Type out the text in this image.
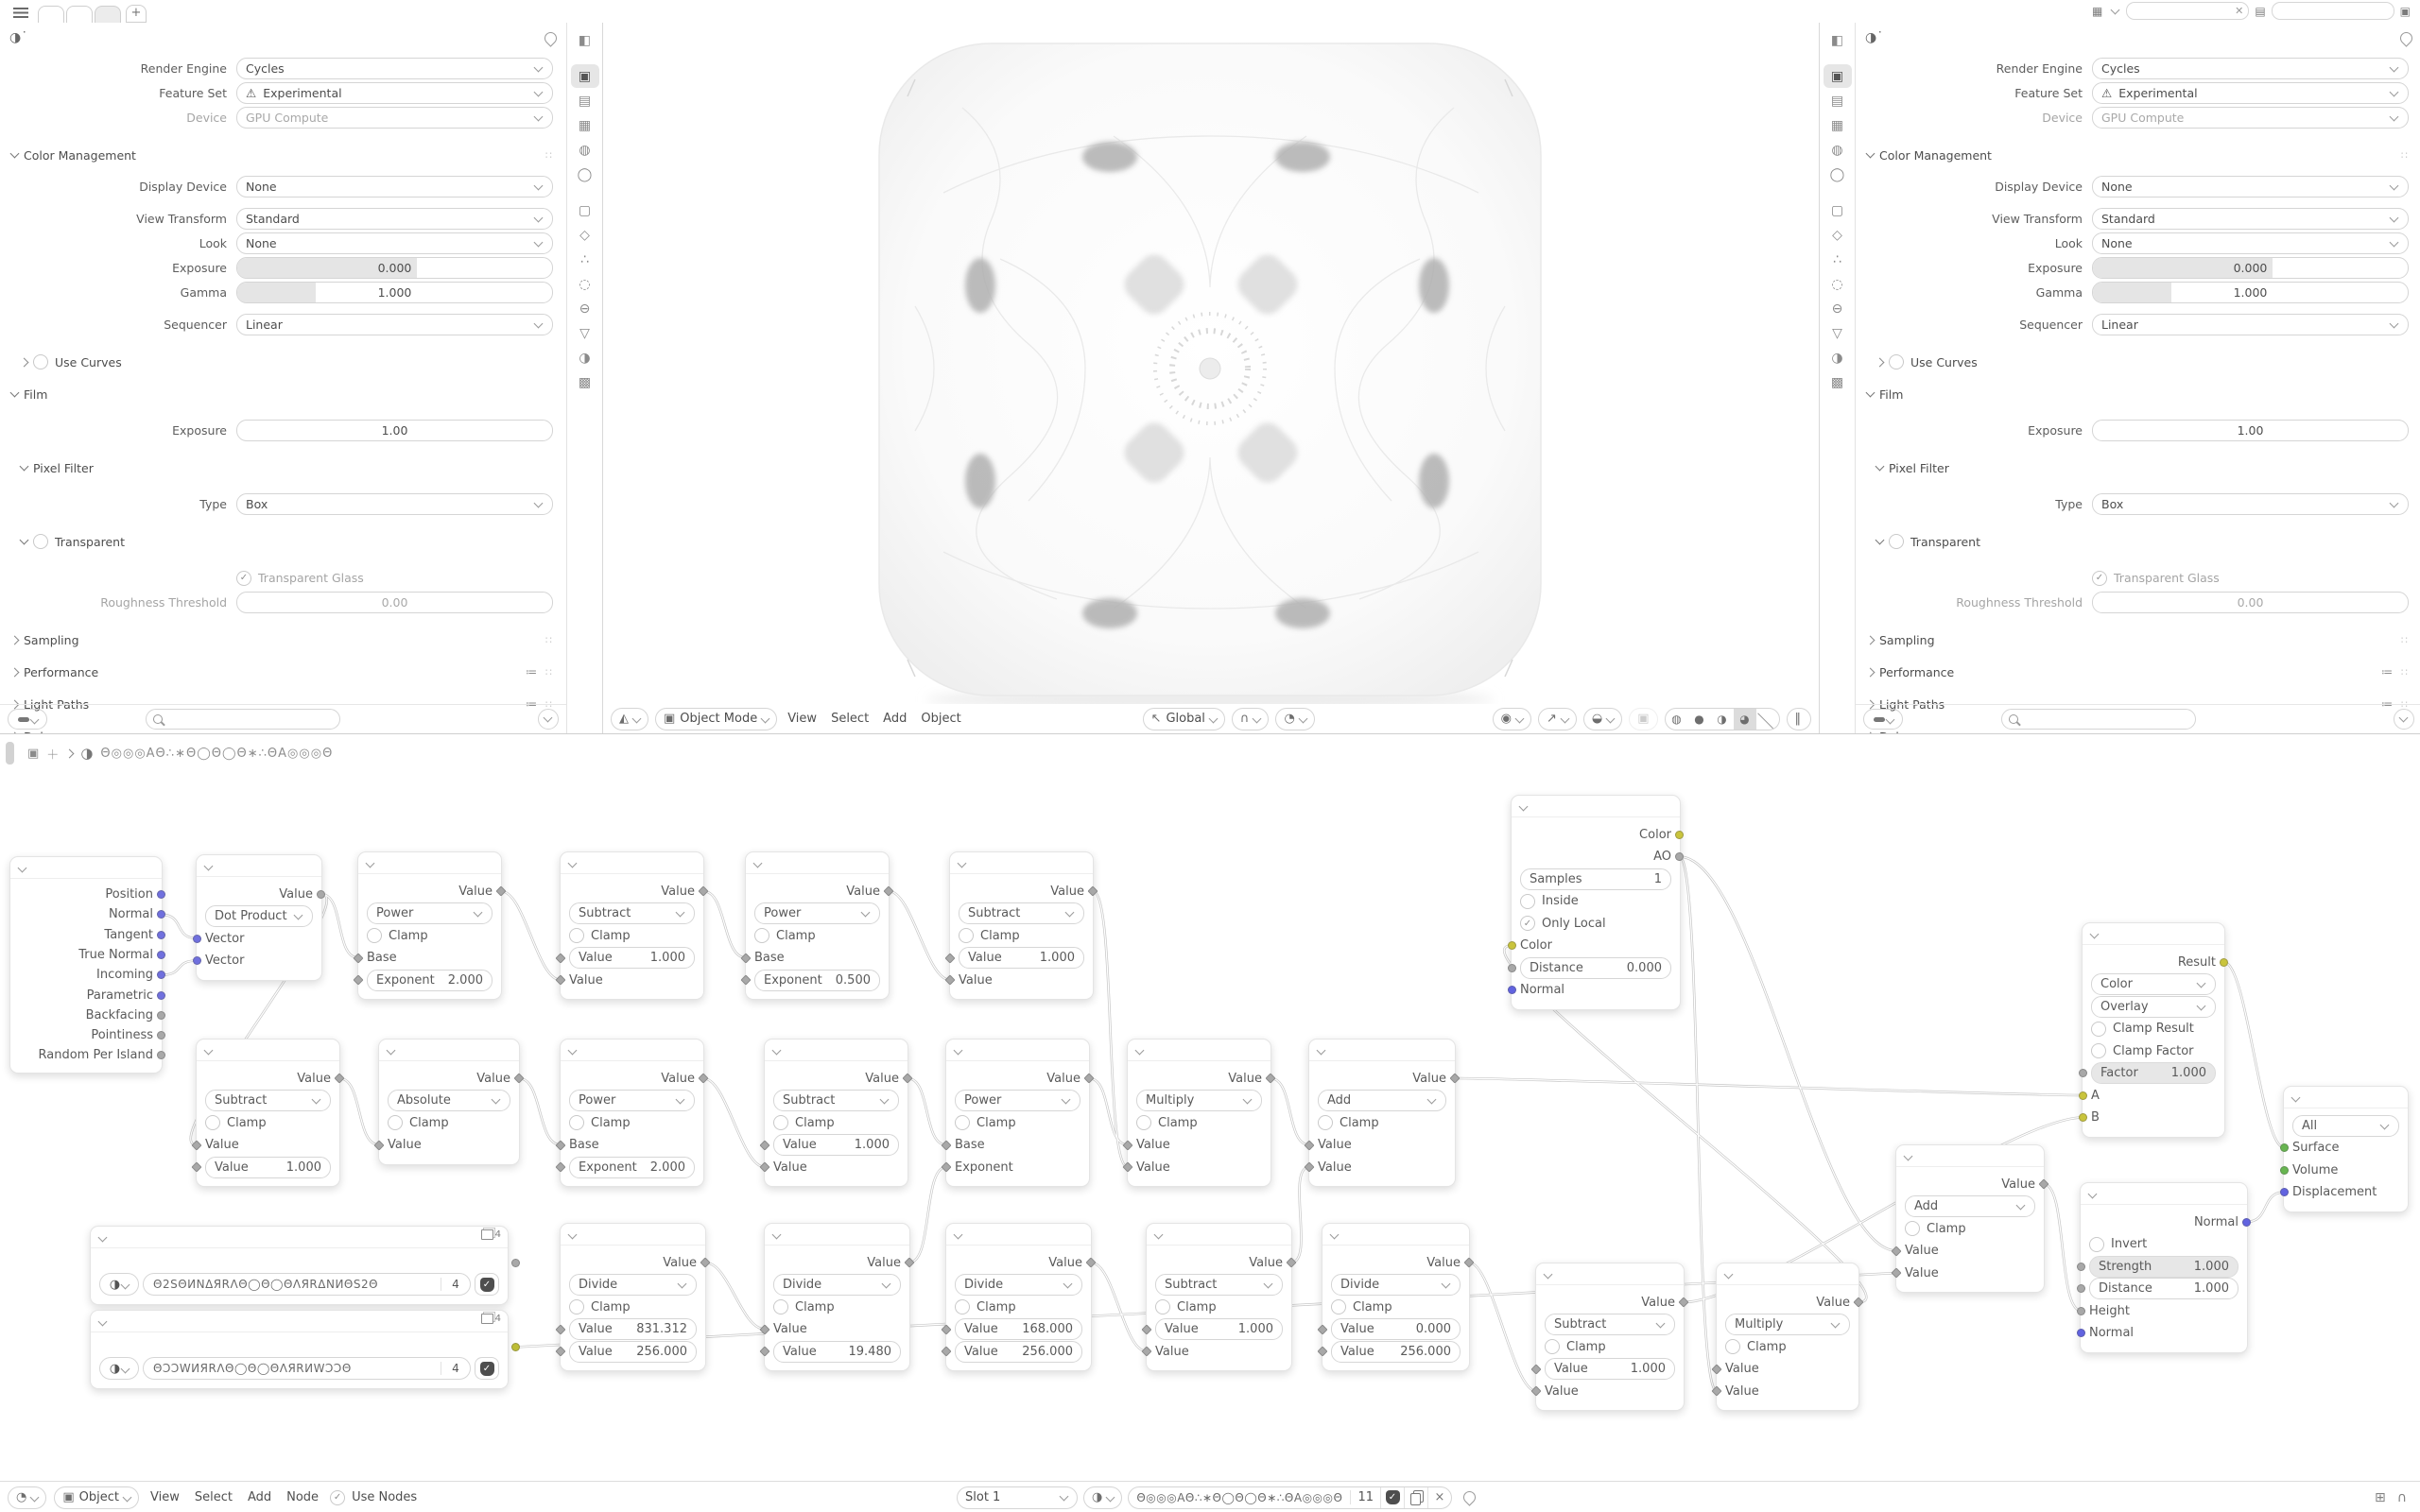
+	▦	✕	▤	▣
◑˙
Render Engine	Cycles
Feature Set	⚠ Experimental
Device	GPU Compute
Color Management	∷
Display Device	None
View Transform	Standard
Look	None
Exposure	0.000
Gamma	1.000
Sequencer	Linear
Use Curves
Film
Exposure	1.00
Pixel Filter
Type	Box
Transparent
✓ Transparent Glass
Roughness Threshold	0.00
Sampling	∷
Performance	≔ ∷
Light Paths	≔ ∷
◧
▣
▤
▦
◍
◯
▢
◇
∴
◌
⊖
▽
◑
▩
◭	▣ Object Mode	View	Select	Add	Object	↖ Global	∩	◔	◉	↗	◒	▣	◍	●	◑	◕	‖
◑˙
Render Engine	Cycles
Feature Set	⚠ Experimental
Device	GPU Compute
Color Management	∷
Display Device	None
View Transform	Standard
Look	None
Exposure	0.000
Gamma	1.000
Sequencer	Linear
Use Curves
Film
Exposure	1.00
Pixel Filter
Type	Box
Transparent
✓ Transparent Glass
Roughness Threshold	0.00
Sampling	∷
Performance	≔ ∷
Light Paths	≔ ∷
◧
▣
▤
▦
◍
◯
▢
◇
∴
◌
⊖
▽
◑
▩
▣ ＋ ◑ Θ◎◎◎AΘ∴∗Θ◯Θ◯Θ∗∴ΘA◎◎◎Θ
Position
Normal
Tangent
True Normal
Incoming
Parametric
Backfacing
Pointiness
Random Per Island
Value
Dot Product
Vector
Vector
Value
Power
Clamp
Base
Exponent	2.000
Value
Subtract
Clamp
Value	1.000
Value
Value
Power
Clamp
Base
Exponent	0.500
Value
Subtract
Clamp
Value	1.000
Value
Value
Subtract
Clamp
Value
Value	1.000
Value
Absolute
Clamp
Value
Value
Power
Clamp
Base
Exponent	2.000
Value
Subtract
Clamp
Value	1.000
Value
Value
Power
Clamp
Base
Exponent
Value
Multiply
Clamp
Value
Value
Value
Add
Clamp
Value
Value
4
◑	Θ2SΘИNΔЯRΛΘ◯Θ◯ΘΛЯRΔNИΘS2Θ	4	✓
4
◑	ΘƆƆWИЯRΛΘ◯Θ◯ΘΛЯRИWƆƆΘ	4	✓
Value
Divide
Clamp
Value	831.312
Value	256.000
Value
Divide
Clamp
Value
Value	19.480
Value
Divide
Clamp
Value	168.000
Value	256.000
Value
Subtract
Clamp
Value	1.000
Value
Value
Divide
Clamp
Value	0.000
Value	256.000
Value
Subtract
Clamp
Value	1.000
Value
Value
Multiply
Clamp
Value
Value
Color
AO
Samples	1
Inside
✓ Only Local
Color
Distance	0.000
Normal
Result
Color
Overlay
Clamp Result
Clamp Factor
Factor	1.000
A
B
All
Surface
Volume
Displacement
Value
Add
Clamp
Value
Value
Normal
Invert
Strength	1.000
Distance	1.000
Height
Normal
◔	▣ Object	View	Select	Add	Node	✓ Use Nodes	Slot 1	◑	Θ◎◎◎AΘ∴∗Θ◯Θ◯Θ∗∴ΘA◎◎◎Θ	11	✓	×	⊞ ∩
